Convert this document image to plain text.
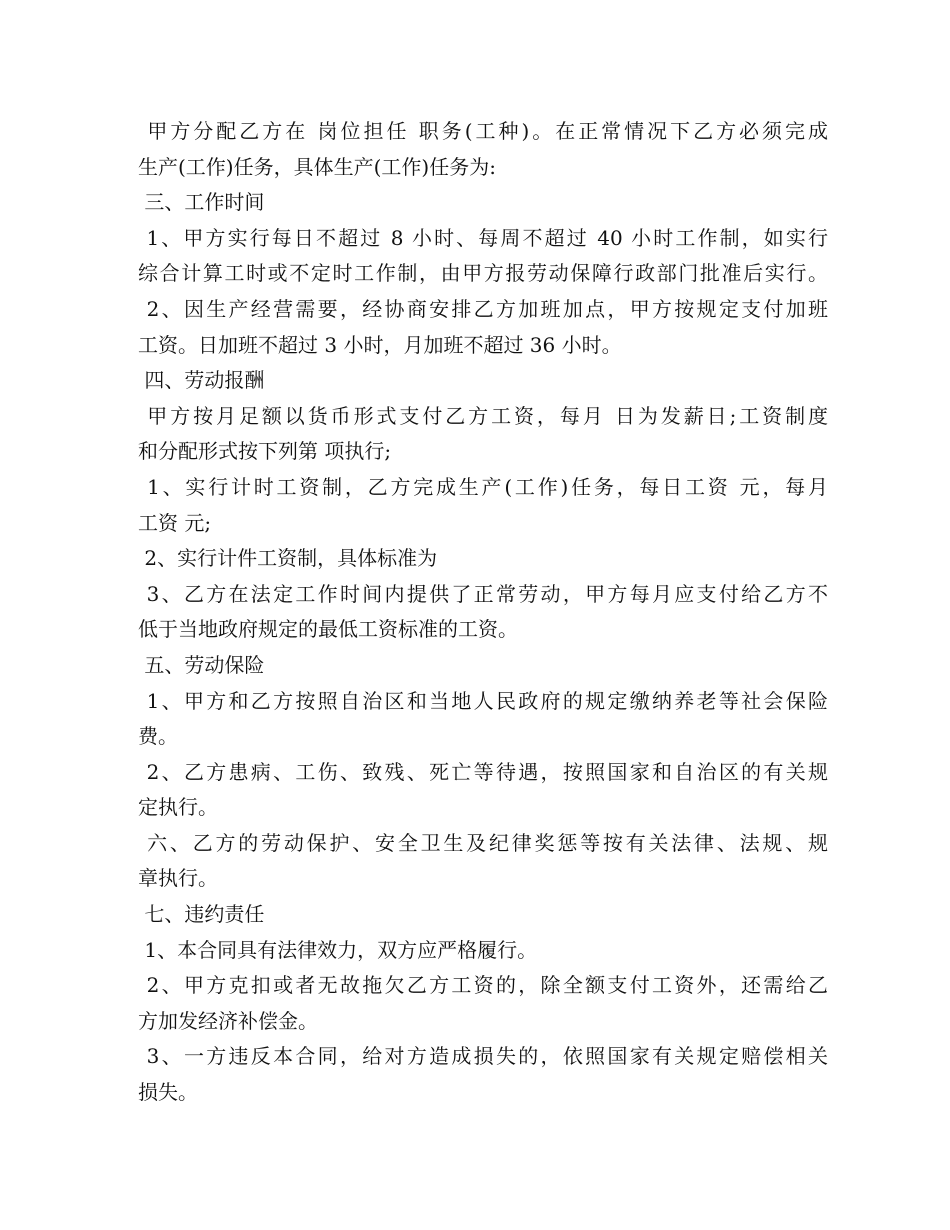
甲方分配乙方在 岗位担任 职务(工种)。在正常情况下乙方必须完成
生产(工作)任务，具体生产(工作)任务为:
三、工作时间
1、甲方实行每日不超过 8 小时、每周不超过 40 小时工作制，如实行
综合计算工时或不定时工作制，由甲方报劳动保障行政部门批准后实行。
2、因生产经营需要，经协商安排乙方加班加点，甲方按规定支付加班
工资。日加班不超过 3 小时，月加班不超过 36 小时。
四、劳动报酬
甲方按月足额以货币形式支付乙方工资，每月 日为发薪日;工资制度
和分配形式按下列第 项执行;
1、实行计时工资制，乙方完成生产(工作)任务，每日工资 元，每月
工资 元;
2、实行计件工资制，具体标准为
3、乙方在法定工作时间内提供了正常劳动，甲方每月应支付给乙方不
低于当地政府规定的最低工资标准的工资。
五、劳动保险
1、甲方和乙方按照自治区和当地人民政府的规定缴纳养老等社会保险
费。
2、乙方患病、工伤、致残、死亡等待遇，按照国家和自治区的有关规
定执行。
六、乙方的劳动保护、安全卫生及纪律奖惩等按有关法律、法规、规
章执行。
七、违约责任
1、本合同具有法律效力，双方应严格履行。
2、甲方克扣或者无故拖欠乙方工资的，除全额支付工资外，还需给乙
方加发经济补偿金。
3、一方违反本合同，给对方造成损失的，依照国家有关规定赔偿相关
损失。
